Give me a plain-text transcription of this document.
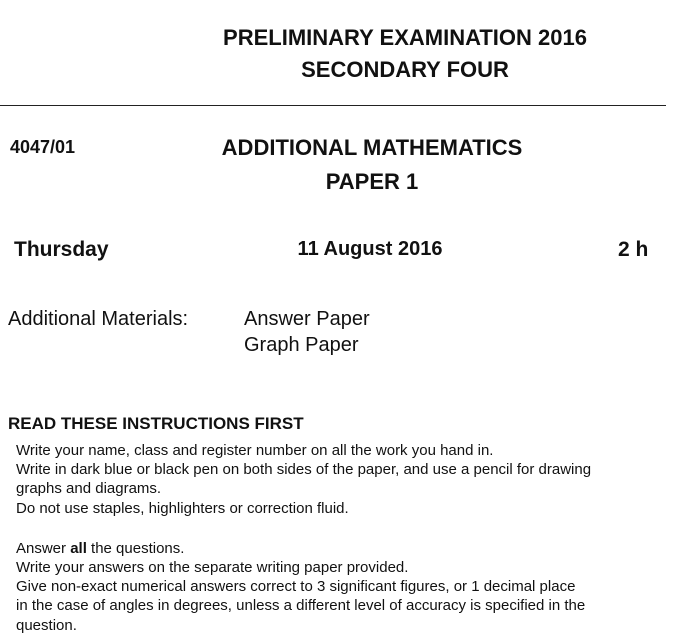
PRELIMINARY EXAMINATION 2016
SECONDARY FOUR
4047/01	ADDITIONAL MATHEMATICS
PAPER 1
Thursday	11 August 2016	2 h
Additional Materials:	Answer Paper
Graph Paper
READ THESE INSTRUCTIONS FIRST
Write your name, class and register number on all the work you hand in.
Write in dark blue or black pen on both sides of the paper, and use a pencil for drawing
graphs and diagrams.
Do not use staples, highlighters or correction fluid.
Answer all the questions.
Write your answers on the separate writing paper provided.
Give non-exact numerical answers correct to 3 significant figures, or 1 decimal place
in the case of angles in degrees, unless a different level of accuracy is specified in the
question.
